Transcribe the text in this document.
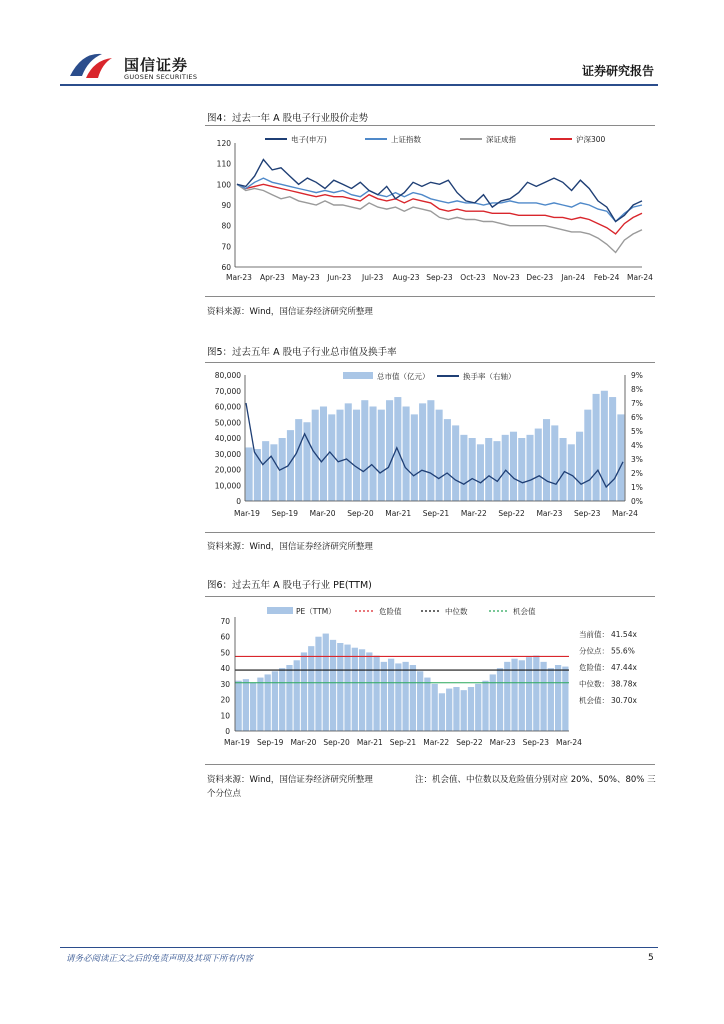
国信证券
GUOSEN SECURITIES	证券研究报告
图4：过去一年 A 股电子行业股价走势
60
70
80
90
100
110
120
Mar-23 Apr-23 May-23 Jun-23 Jul-23 Aug-23 Sep-23 Oct-23 Nov-23 Dec-23 Jan-24 Feb-24 Mar-24
电子(申万)	上证指数	深证成指	沪深300
资料来源：Wind，国信证券经济研究所整理
图5：过去五年 A 股电子行业总市值及换手率
0
10,000
20,000
30,000
40,000
50,000
60,000
70,000
80,000
0%
1%
2%
3%
4%
5%
6%
7%
8%
9%
总市值（亿元）	换手率（右轴）
Mar-19 Sep-19 Mar-20 Sep-20 Mar-21 Sep-21 Mar-22 Sep-22 Mar-23 Sep-23 Mar-24
资料来源：Wind，国信证券经济研究所整理
图6：过去五年 A 股电子行业 PE(TTM)
0
10
20
30
40
50
60
70
PE（TTM）	危险值	中位数	机会值
当前值： 41.54x
分位点： 55.6%
危险值： 47.44x
中位数： 38.78x
机会值： 30.70x
Mar-19 Sep-19 Mar-20 Sep-20 Mar-21 Sep-21 Mar-22 Sep-22 Mar-23 Sep-23 Mar-24
资料来源：Wind，国信证券经济研究所整理	注：机会值、中位数以及危险值分别对应 20%、50%、80% 三个分位点
请务必阅读正文之后的免责声明及其项下所有内容	5
